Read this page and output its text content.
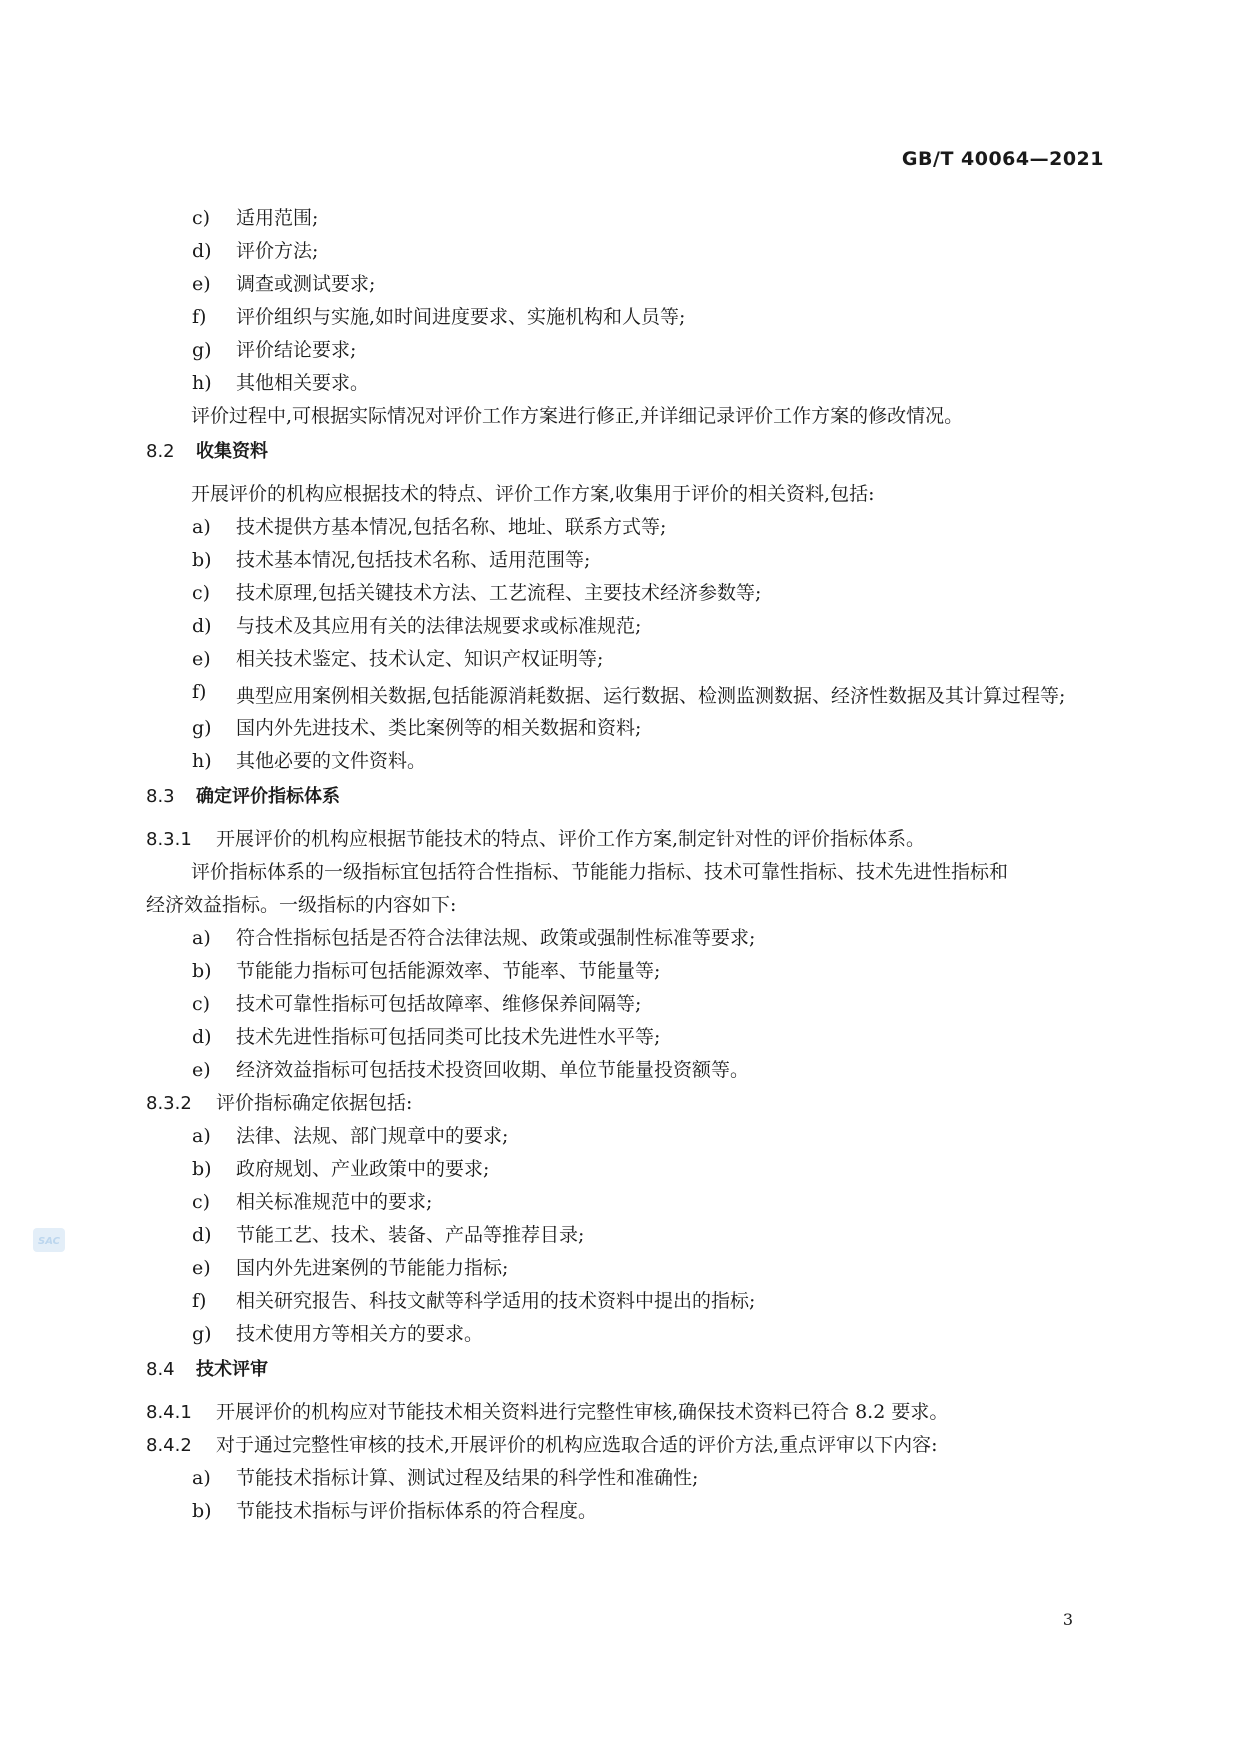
GB/T 40064—2021
c)	适用范围;
d)	评价方法;
e)	调查或测试要求;
f)	评价组织与实施,如时间进度要求、实施机构和人员等;
g)	评价结论要求;
h)	其他相关要求。
评价过程中,可根据实际情况对评价工作方案进行修正,并详细记录评价工作方案的修改情况。
8.2 收集资料
开展评价的机构应根据技术的特点、评价工作方案,收集用于评价的相关资料,包括:
a)	技术提供方基本情况,包括名称、地址、联系方式等;
b)	技术基本情况,包括技术名称、适用范围等;
c)	技术原理,包括关键技术方法、工艺流程、主要技术经济参数等;
d)	与技术及其应用有关的法律法规要求或标准规范;
e)	相关技术鉴定、技术认定、知识产权证明等;
f)	典型应用案例相关数据,包括能源消耗数据、运行数据、检测监测数据、经济性数据及其计算过程等;
g)	国内外先进技术、类比案例等的相关数据和资料;
h)	其他必要的文件资料。
8.3 确定评价指标体系
8.3.1 开展评价的机构应根据节能技术的特点、评价工作方案,制定针对性的评价指标体系。
评价指标体系的一级指标宜包括符合性指标、节能能力指标、技术可靠性指标、技术先进性指标和
经济效益指标。一级指标的内容如下:
a)	符合性指标包括是否符合法律法规、政策或强制性标准等要求;
b)	节能能力指标可包括能源效率、节能率、节能量等;
c)	技术可靠性指标可包括故障率、维修保养间隔等;
d)	技术先进性指标可包括同类可比技术先进性水平等;
e)	经济效益指标可包括技术投资回收期、单位节能量投资额等。
8.3.2 评价指标确定依据包括:
a)	法律、法规、部门规章中的要求;
b)	政府规划、产业政策中的要求;
c)	相关标准规范中的要求;
d)	节能工艺、技术、装备、产品等推荐目录;
e)	国内外先进案例的节能能力指标;
f)	相关研究报告、科技文献等科学适用的技术资料中提出的指标;
g)	技术使用方等相关方的要求。
8.4 技术评审
8.4.1 开展评价的机构应对节能技术相关资料进行完整性审核,确保技术资料已符合 8.2 要求。
8.4.2 对于通过完整性审核的技术,开展评价的机构应选取合适的评价方法,重点评审以下内容:
a)	节能技术指标计算、测试过程及结果的科学性和准确性;
b)	节能技术指标与评价指标体系的符合程度。
3
SAC
